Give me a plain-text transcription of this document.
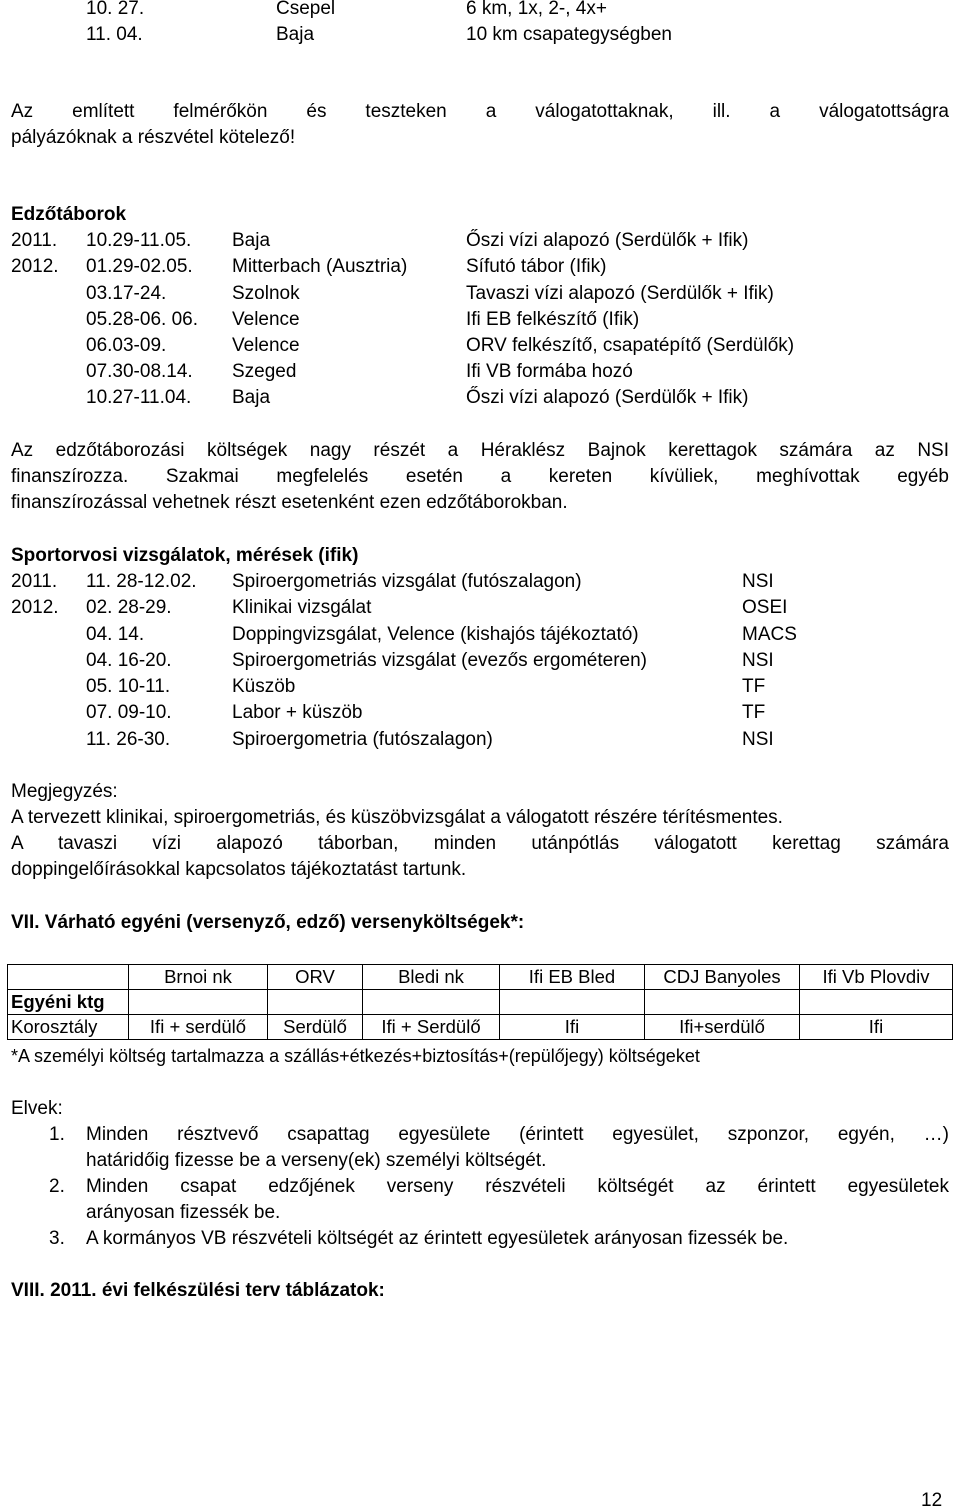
10. 27.	Csepel	6 km, 1x, 2-, 4x+
11. 04.	Baja	10 km csapategységben
Az említett felmérőkön és teszteken a válogatottaknak, ill. a válogatottságra
pályázóknak a részvétel kötelező!
Edzőtáborok
2011. 10.29-11.05. Baja	Őszi vízi alapozó (Serdülők + Ifik)
2012. 01.29-02.05. Mitterbach (Ausztria)	Sífutó tábor (Ifik)
03.17-24.	Szolnok	Tavaszi vízi alapozó (Serdülők + Ifik)
05.28-06. 06. Velence	Ifi EB felkészítő (Ifik)
06.03-09.	Velence	ORV felkészítő, csapatépítő (Serdülők)
07.30-08.14. Szeged	Ifi VB formába hozó
10.27-11.04. Baja	Őszi vízi alapozó (Serdülők + Ifik)
Az edzőtáborozási költségek nagy részét a Héraklész Bajnok kerettagok számára az NSI
finanszírozza. Szakmai megfelelés esetén a kereten kívüliek, meghívottak egyéb
finanszírozással vehetnek részt esetenként ezen edzőtáborokban.
Sportorvosi vizsgálatok, mérések (ifik)
2011. 11. 28-12.02. Spiroergometriás vizsgálat (futószalagon)	NSI
2012. 02. 28-29.	Klinikai vizsgálat	OSEI
04. 14.	Doppingvizsgálat, Velence (kishajós tájékoztató)	MACS
04. 16-20.	Spiroergometriás vizsgálat (evezős ergométeren)	NSI
05. 10-11.	Küszöb	TF
07. 09-10.	Labor + küszöb	TF
11. 26-30.	Spiroergometria (futószalagon)	NSI
Megjegyzés:
A tervezett klinikai, spiroergometriás, és küszöbvizsgálat a válogatott részére térítésmentes.
A tavaszi vízi alapozó táborban, minden utánpótlás válogatott kerettag számára
doppingelőírásokkal kapcsolatos tájékoztatást tartunk.
VII. Várható egyéni (versenyző, edző) versenyköltségek*:
	Brnoi nk	ORV	Bledi nk	Ifi EB Bled	CDJ Banyoles	Ifi Vb Plovdiv
Egyéni ktg						
Korosztály	Ifi + serdülő	Serdülő	Ifi + Serdülő	Ifi	Ifi+serdülő	Ifi
*A személyi költség tartalmazza a szállás+étkezés+biztosítás+(repülőjegy) költségeket
Elvek:
1. Minden résztvevő csapattag egyesülete (érintett egyesület, szponzor, egyén, …)
határidőig fizesse be a verseny(ek) személyi költségét.
2. Minden csapat edzőjének verseny részvételi költségét az érintett egyesületek
arányosan fizessék be.
3. A kormányos VB részvételi költségét az érintett egyesületek arányosan fizessék be.
VIII. 2011. évi felkészülési terv táblázatok:
12
